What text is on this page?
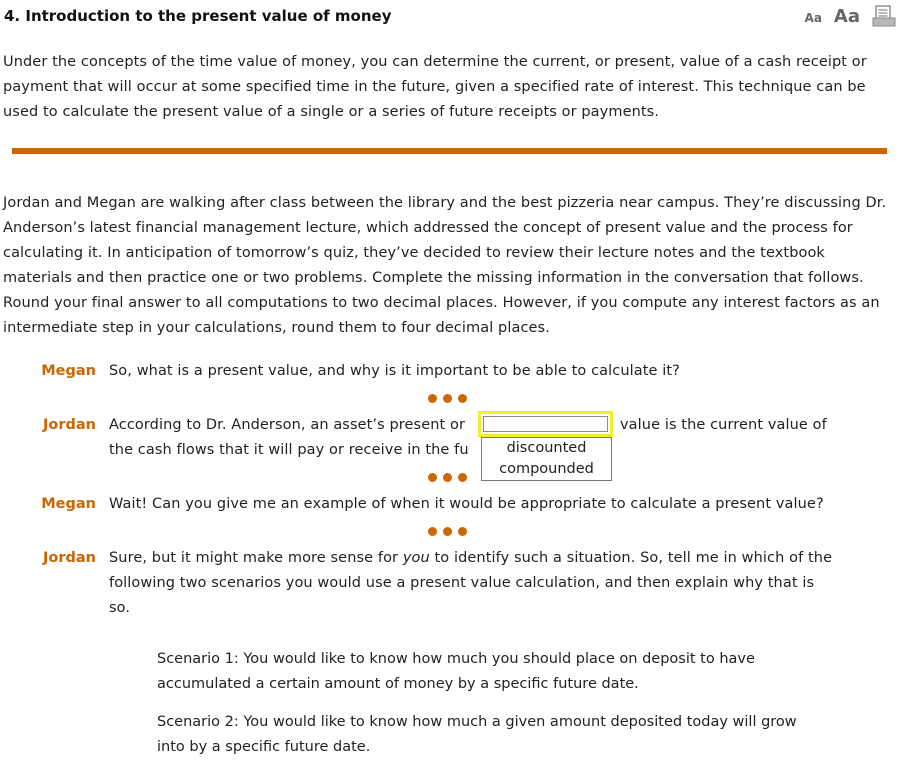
4. Introduction to the present value of money	Aa Aa
Under the concepts of the time value of money, you can determine the current, or present, value of a cash receipt or payment that will occur at some specified time in the future, given a specified rate of interest. This technique can be used to calculate the present value of a single or a series of future receipts or payments.
Jordan and Megan are walking after class between the library and the best pizzeria near campus. They’re discussing Dr. Anderson’s latest financial management lecture, which addressed the concept of present value and the process for calculating it. In anticipation of tomorrow’s quiz, they’ve decided to review their lecture notes and the textbook materials and then practice one or two problems. Complete the missing information in the conversation that follows. Round your final answer to all computations to two decimal places. However, if you compute any interest factors as an intermediate step in your calculations, round them to four decimal places.
Megan So, what is a present value, and why is it important to be able to calculate it?
Jordan According to Dr. Anderson, an asset’s present or	value is the current value of
the cash flows that it will pay or receive in the fu	discounted
compounded
Megan Wait! Can you give me an example of when it would be appropriate to calculate a present value?
Jordan Sure, but it might make more sense for you to identify such a situation. So, tell me in which of the
following two scenarios you would use a present value calculation, and then explain why that is
so.
Scenario 1: You would like to know how much you should place on deposit to have accumulated a certain amount of money by a specific future date.
Scenario 2: You would like to know how much a given amount deposited today will grow into by a specific future date.
